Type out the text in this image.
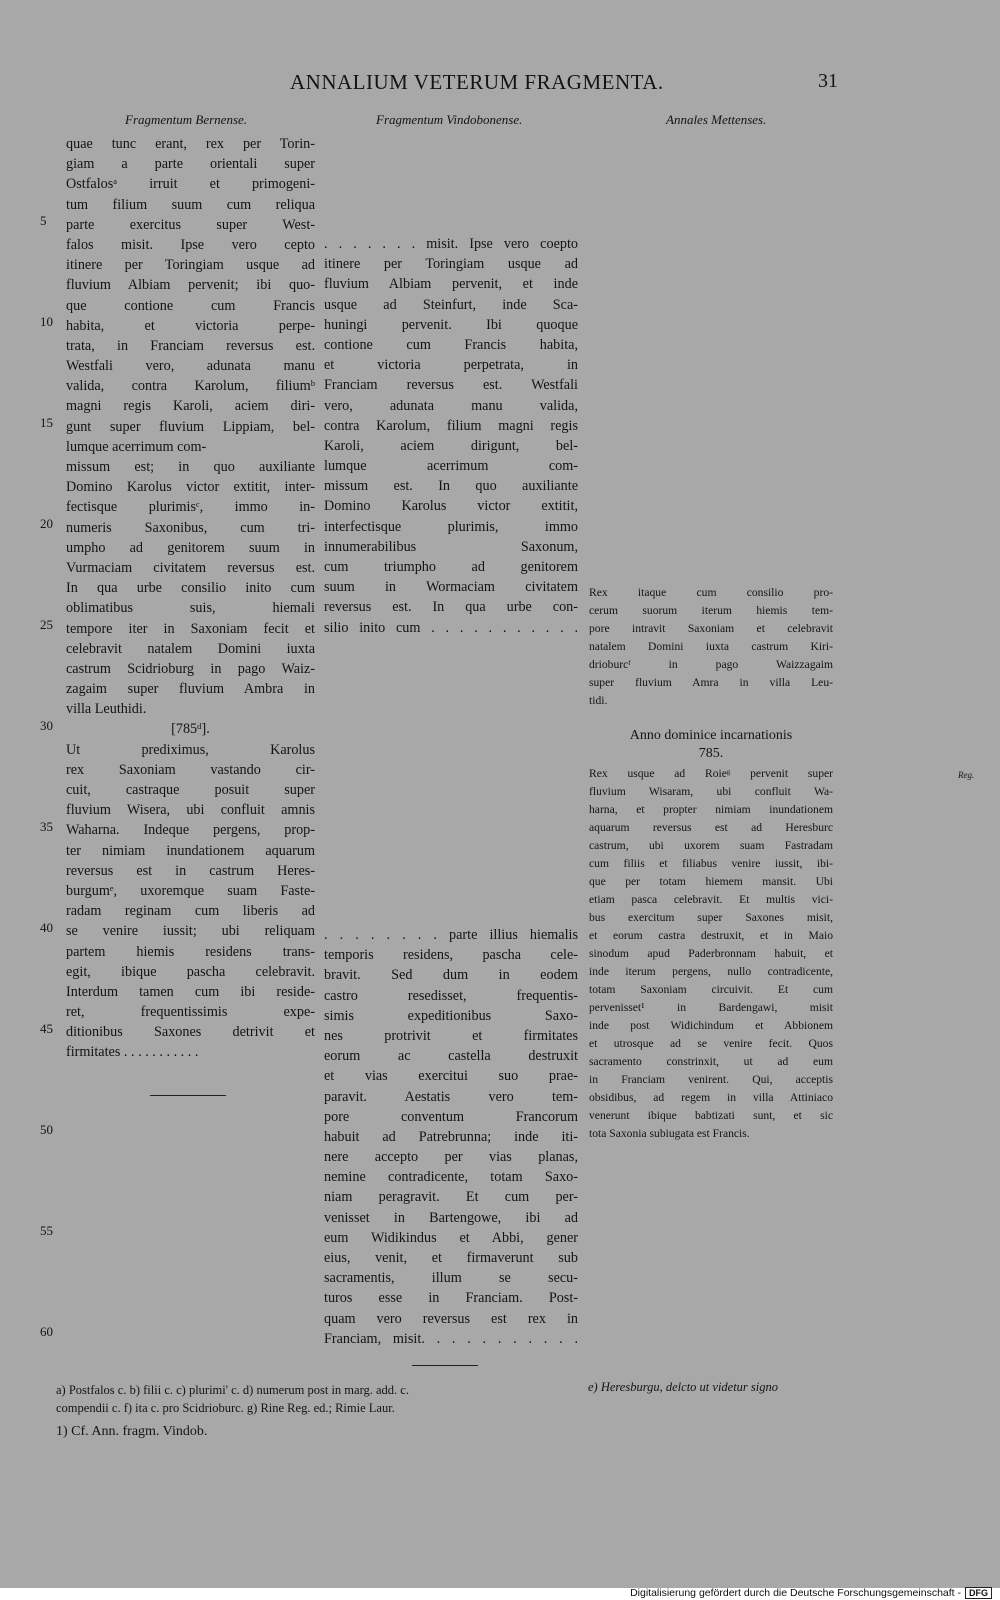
ANNALIUM VETERUM FRAGMENTA.	31
Fragmentum Bernense.	Fragmentum Vindobonense.	Annales Mettenses.
quae tunc erant, rex per Torin-
giam a parte orientali super
Ostfalosᵃ irruit et primogeni-
tum filium suum cum reliqua
parte exercitus super West-
falos misit. Ipse vero cepto
itinere per Toringiam usque ad
fluvium Albiam pervenit; ibi quo-
que contione cum Francis
habita, et victoria perpe-
trata, in Franciam reversus est.
Westfali vero, adunata manu
valida, contra Karolum, filiumᵇ
magni regis Karoli, aciem diri-
gunt super fluvium Lippiam, bel-
lumque acerrimum com-
missum est; in quo auxiliante
Domino Karolus victor extitit, inter-
fectisque plurimisᶜ, immo in-
numeris Saxonibus, cum tri-
umpho ad genitorem suum in
Vurmaciam civitatem reversus est.
In qua urbe consilio inito cum
oblimatibus suis, hiemali
tempore iter in Saxoniam fecit et
celebravit natalem Domini iuxta
castrum Scidrioburg in pago Waiz-
zagaim super fluvium Ambra in
villa Leuthidi.
[785ᵈ].
Ut prediximus, Karolus
rex Saxoniam vastando cir-
cuit, castraque posuit super
fluvium Wisera, ubi confluit amnis
Waharna. Indeque pergens, prop-
ter nimiam inundationem aquarum
reversus est in castrum Heres-
burgumᵉ, uxoremque suam Faste-
radam reginam cum liberis ad
se venire iussit; ubi reliquam
partem hiemis residens trans-
egit, ibique pascha celebravit.
Interdum tamen cum ibi reside-
ret, frequentissimis expe-
ditionibus Saxones detrivit et
firmitates . . . . . . . . . . .
. . . . . . . misit. Ipse vero coepto
itinere per Toringiam usque ad
fluvium Albiam pervenit, et inde
usque ad Steinfurt, inde Sca-
huningi pervenit. Ibi quoque
contione cum Francis habita,
et victoria perpetrata, in
Franciam reversus est. Westfali
vero, adunata manu valida,
contra Karolum, filium magni regis
Karoli, aciem dirigunt, bel-
lumque acerrimum com-
missum est. In quo auxiliante
Domino Karolus victor extitit,
interfectisque plurimis, immo
innumerabilibus Saxonum,
cum triumpho ad genitorem
suum in Wormaciam civitatem
reversus est. In qua urbe con-
silio inito cum . . . . . . . . . . .
. . . . . . . . parte illius hiemalis
temporis residens, pascha cele-
bravit. Sed dum in eodem
castro resedisset, frequentis-
simis expeditionibus Saxo-
nes protrivit et firmitates
eorum ac castella destruxit
et vias exercitui suo prae-
paravit. Aestatis vero tem-
pore conventum Francorum
habuit ad Patrebrunna; inde iti-
nere accepto per vias planas,
nemine contradicente, totam Saxo-
niam peragravit. Et cum per-
venisset in Bartengowe, ibi ad
eum Widikindus et Abbi, gener
eius, venit, et firmaverunt sub
sacramentis, illum se secu-
turos esse in Franciam. Post-
quam vero reversus est rex in
Franciam, misit. . . . . . . . . . .
Rex itaque cum consilio pro-
cerum suorum iterum hiemis tem-
pore intravit Saxoniam et celebravit
natalem Domini iuxta castrum Kiri-
drioburcᶠ in pago Waizzagaim
super fluvium Amra in villa Leu-
tidi.
Anno dominice incarnationis
785.
Rex usque ad Roieᵍ pervenit super
fluvium Wisaram, ubi confluit Wa-
harna, et propter nimiam inundationem
aquarum reversus est ad Heresburc
castrum, ubi uxorem suam Fastradam
cum filiis et filiabus venire iussit, ibi-
que per totam hiemem mansit. Ubi
etiam pasca celebravit. Et multis vici-
bus exercitum super Saxones misit,
et eorum castra destruxit, et in Maio
sinodum apud Paderbronnam habuit, et
inde iterum pergens, nullo contradicente,
totam Saxoniam circuivit. Et cum
pervenisset¹ in Bardengawi, misit
inde post Widichindum et Abbionem
et utrosque ad se venire fecit. Quos
sacramento constrinxit, ut ad eum
in Franciam venirent. Qui, acceptis
obsidibus, ad regem in villa Attiniaco
venerunt ibique babtizati sunt, et sic
tota Saxonia subiugata est Francis.
Reg.
5
10
15
20
25
30
35
40
45
50
55
60
a) Postfalos c. b) filii c. c) plurimi' c. d) numerum post in marg. add. c.	e) Heresburgu, delcto ut videtur signo
compendii c. f) ita c. pro Scidrioburc. g) Rine Reg. ed.; Rimie Laur.
1) Cf. Ann. fragm. Vindob.
Digitalisierung gefördert durch die Deutsche Forschungsgemeinschaft - DFG
